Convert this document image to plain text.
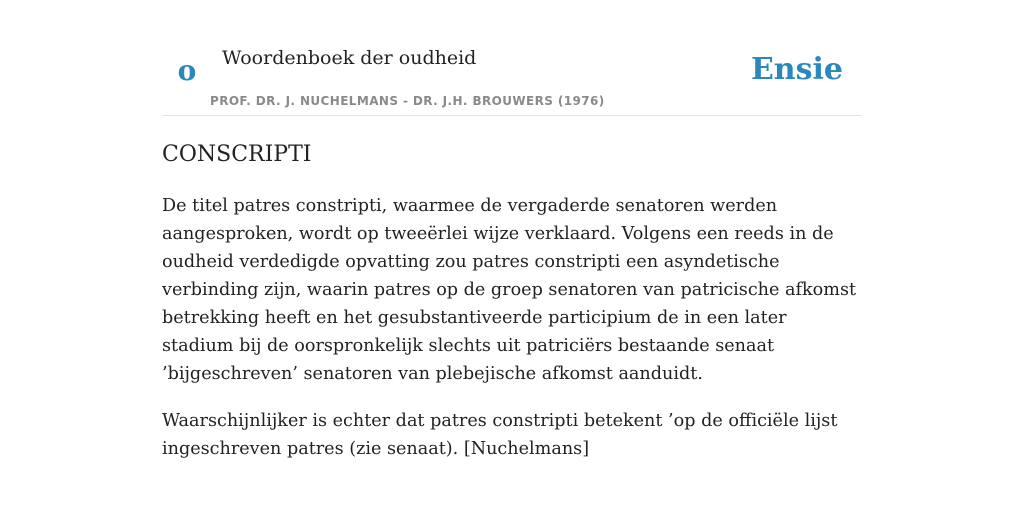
o Woordenboek der oudheid
PROF. DR. J. NUCHELMANS - DR. J.H. BROUWERS (1976)
Ensie
CONSCRIPTI

De titel patres constripti, waarmee de vergaderde senatoren werden aangesproken, wordt op tweeërlei wijze verklaard. Volgens een reeds in de oudheid verdedigde opvatting zou patres constripti een asyndetische verbinding zijn, waarin patres op de groep senatoren van patricische afkomst betrekking heeft en het gesubstantiveerde participium de in een later stadium bij de oorspronkelijk slechts uit patriciërs bestaande senaat ’bijgeschreven’ senatoren van plebejische afkomst aanduidt.

Waarschijnlijker is echter dat patres constripti betekent ’op de officiële lijst ingeschreven patres (zie senaat). [Nuchelmans]
